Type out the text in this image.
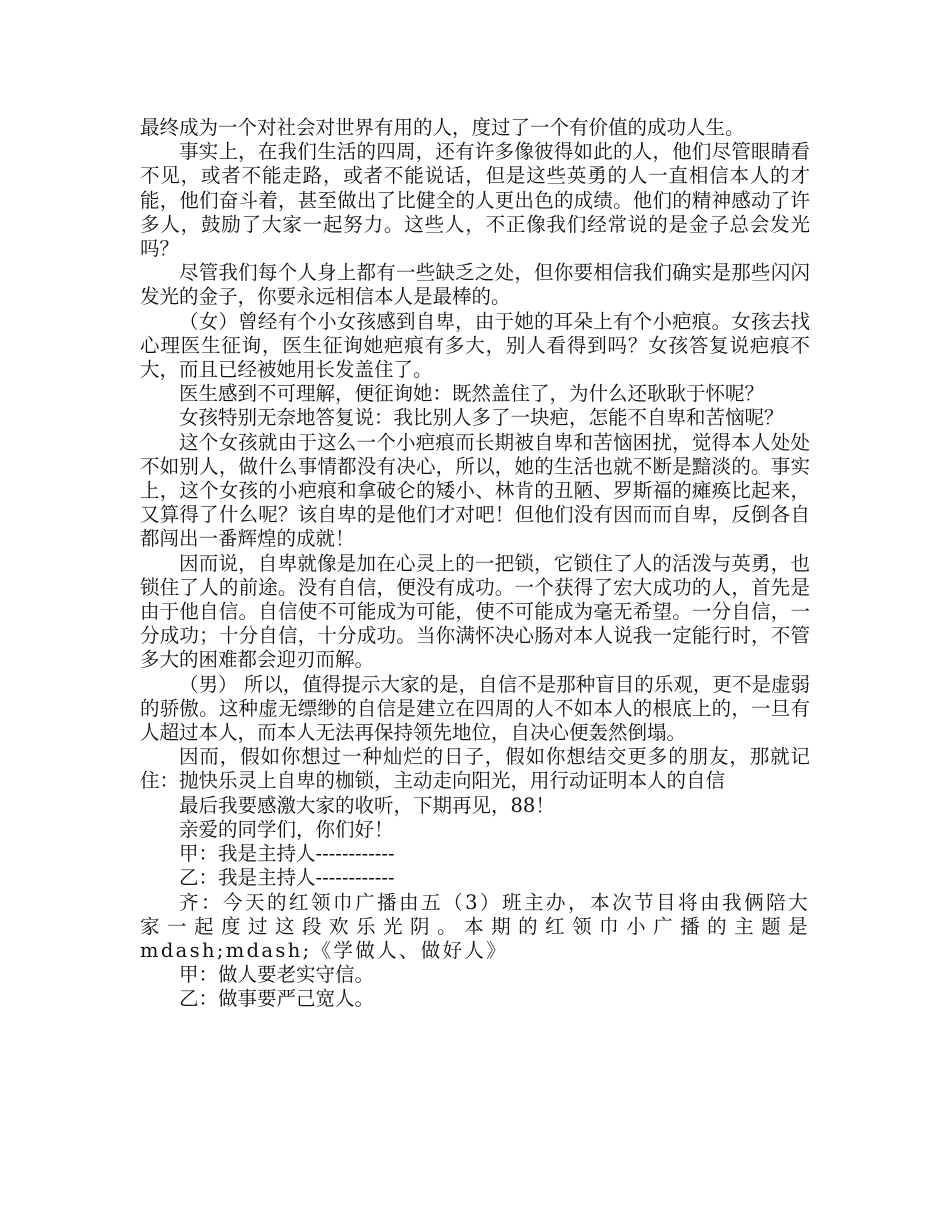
最终成为一个对社会对世界有用的人，度过了一个有价值的成功人生。

事实上，在我们生活的四周，还有许多像彼得如此的人，他们尽管眼睛看不见，或者不能走路，或者不能说话，但是这些英勇的人一直相信本人的才能，他们奋斗着，甚至做出了比健全的人更出色的成绩。他们的精神感动了许多人，鼓励了大家一起努力。这些人，不正像我们经常说的是金子总会发光吗？

尽管我们每个人身上都有一些缺乏之处，但你要相信我们确实是那些闪闪发光的金子，你要永远相信本人是最棒的。

（女）曾经有个小女孩感到自卑，由于她的耳朵上有个小疤痕。女孩去找心理医生征询，医生征询她疤痕有多大，别人看得到吗？女孩答复说疤痕不大，而且已经被她用长发盖住了。

医生感到不可理解，便征询她：既然盖住了，为什么还耿耿于怀呢？

女孩特别无奈地答复说：我比别人多了一块疤，怎能不自卑和苦恼呢？

这个女孩就由于这么一个小疤痕而长期被自卑和苦恼困扰，觉得本人处处不如别人，做什么事情都没有决心，所以，她的生活也就不断是黯淡的。事实上，这个女孩的小疤痕和拿破仑的矮小、林肯的丑陋、罗斯福的瘫痪比起来，又算得了什么呢？该自卑的是他们才对吧！但他们没有因而而自卑，反倒各自都闯出一番辉煌的成就！

因而说，自卑就像是加在心灵上的一把锁，它锁住了人的活泼与英勇，也锁住了人的前途。没有自信，便没有成功。一个获得了宏大成功的人，首先是由于他自信。自信使不可能成为可能，使不可能成为毫无希望。一分自信，一分成功；十分自信，十分成功。当你满怀决心肠对本人说我一定能行时，不管多大的困难都会迎刃而解。

（男） 所以，值得提示大家的是，自信不是那种盲目的乐观，更不是虚弱的骄傲。这种虚无缥缈的自信是建立在四周的人不如本人的根底上的，一旦有人超过本人，而本人无法再保持领先地位，自决心便轰然倒塌。

因而，假如你想过一种灿烂的日子，假如你想结交更多的朋友，那就记住：抛快乐灵上自卑的枷锁，主动走向阳光，用行动证明本人的自信

最后我要感激大家的收听，下期再见，88！

亲爱的同学们，你们好！

甲：我是主持人------------

乙：我是主持人------------

齐：今天的红领巾广播由五（3）班主办，本次节目将由我俩陪大家一起度过这段欢乐光阴。本期的红领巾小广播的主题是mdash;mdash;《学做人、做好人》

甲：做人要老实守信。

乙：做事要严己宽人。
